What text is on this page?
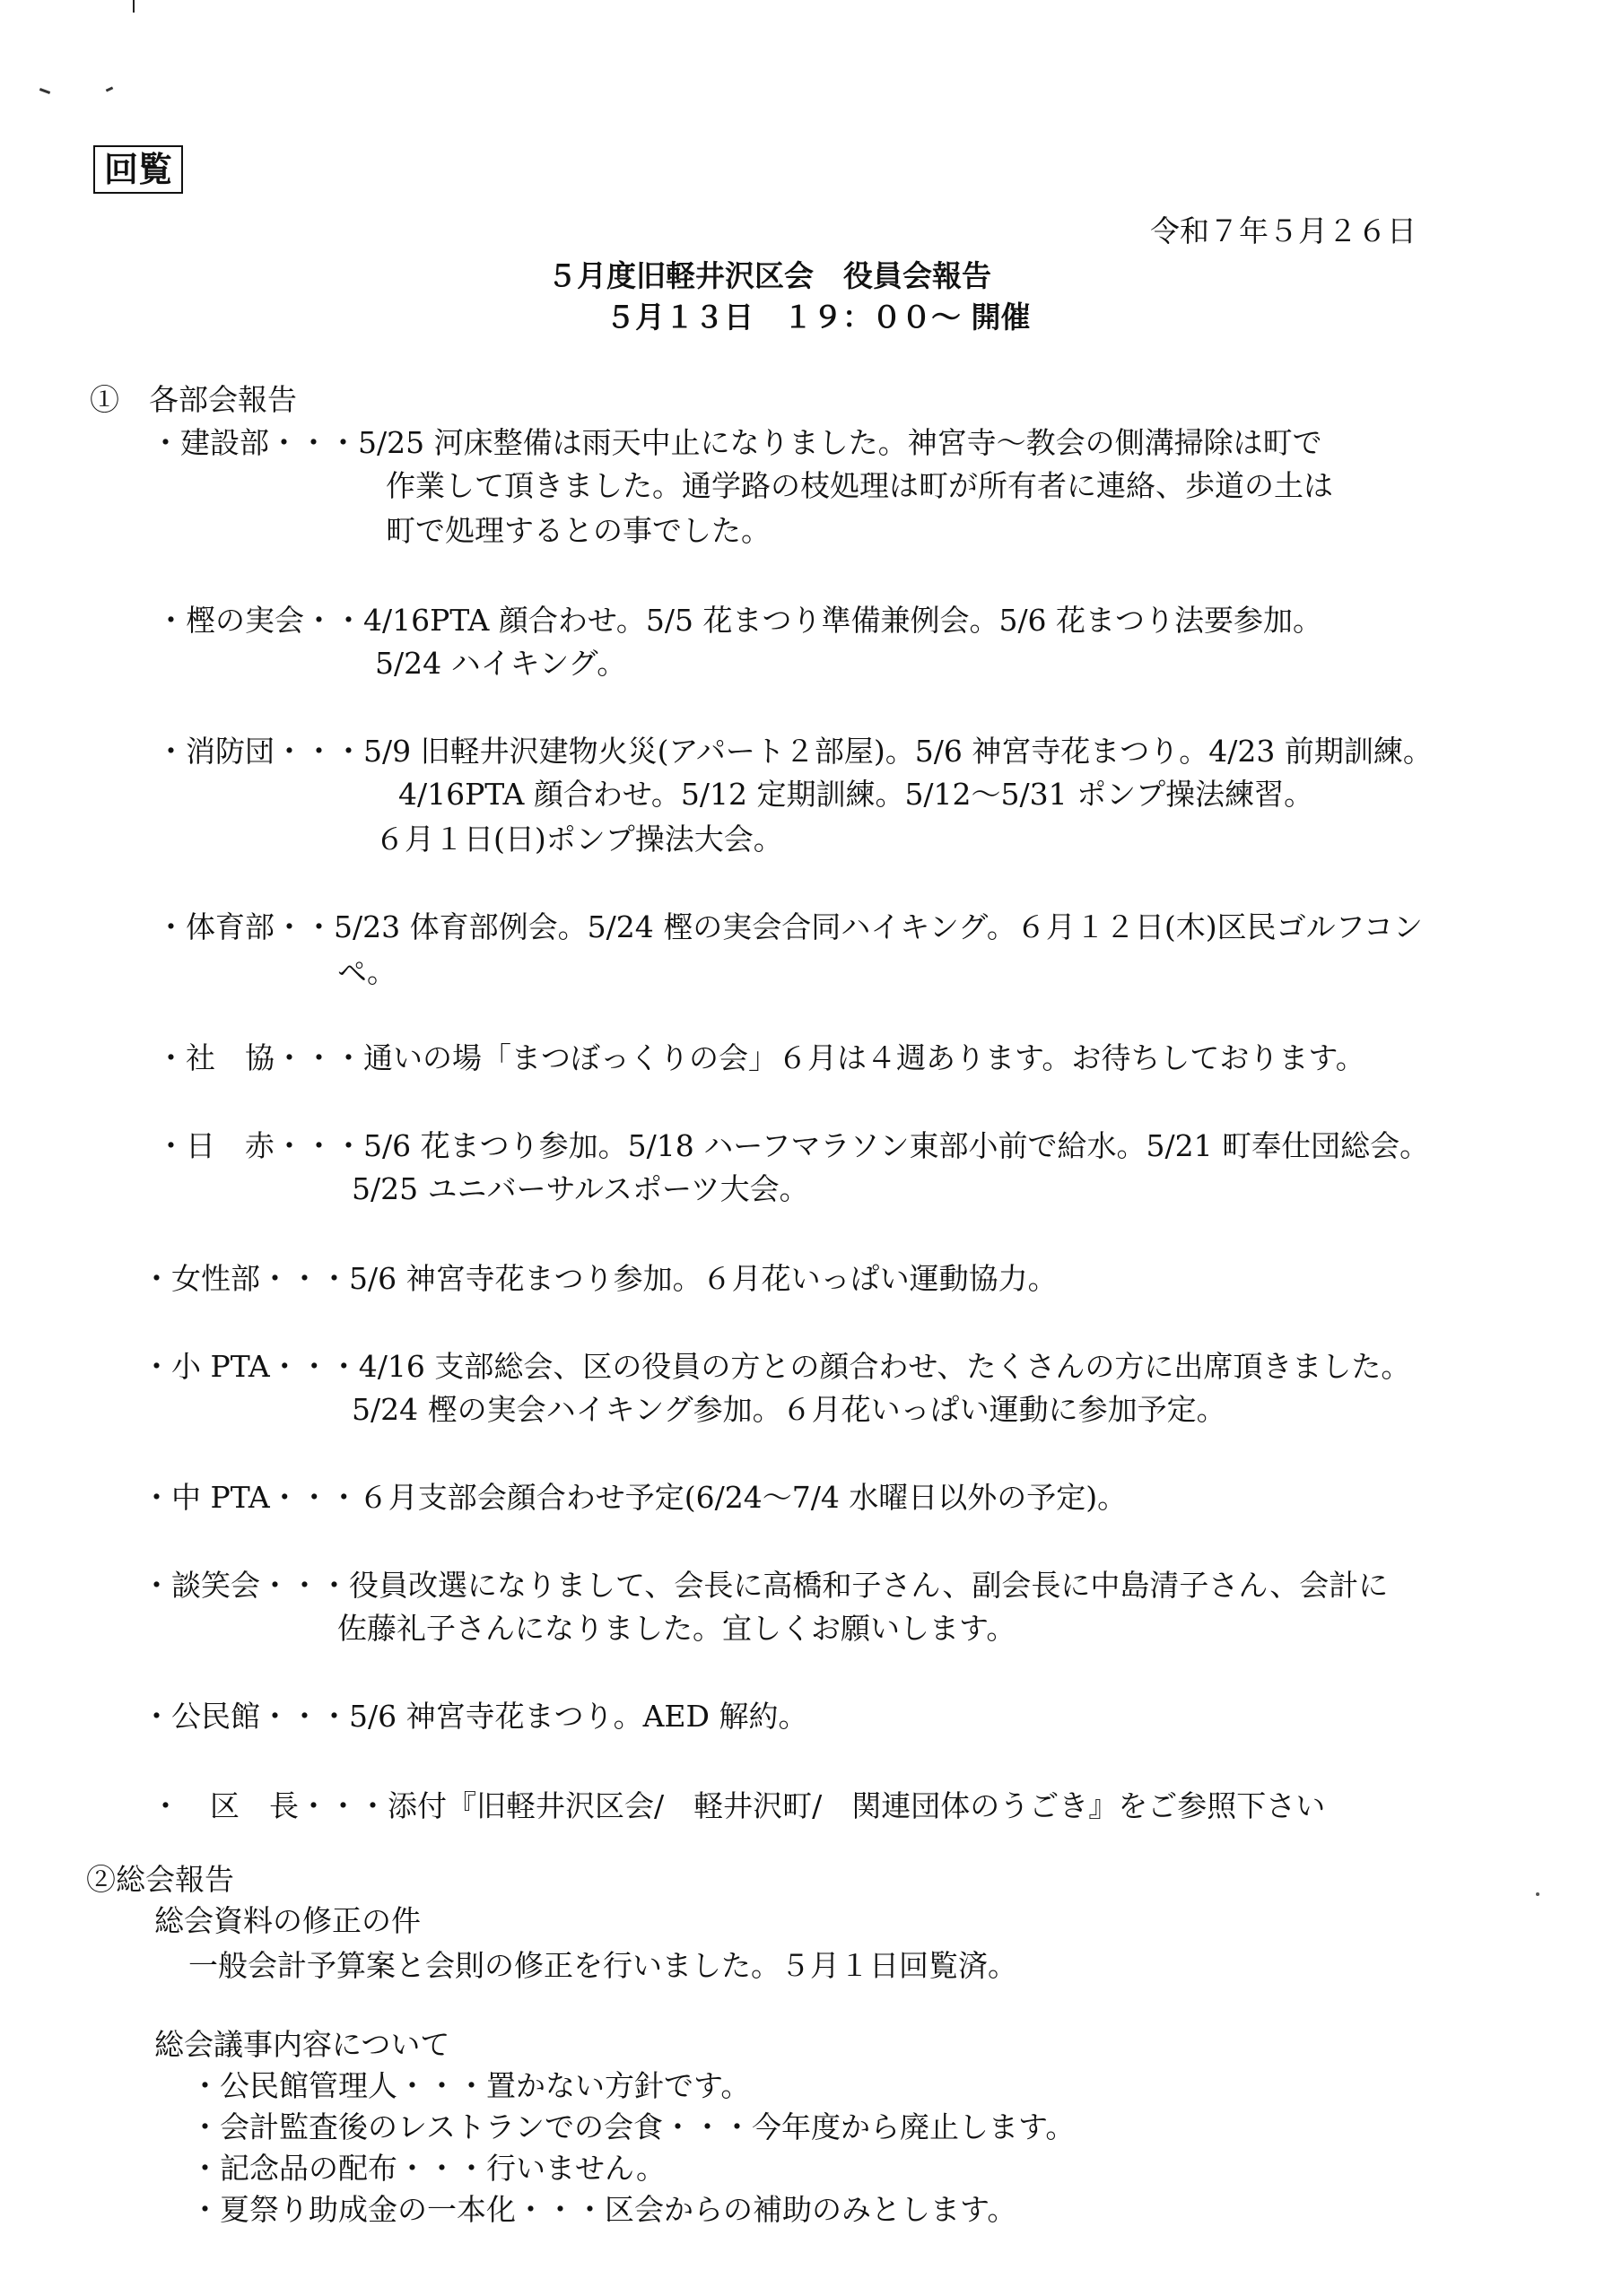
回覧
令和７年５月２６日
５月度旧軽井沢区会　役員会報告
５月１３日　１９：００～ 開催
①　各部会報告
・建設部・・・5/25 河床整備は雨天中止になりました。神宮寺～教会の側溝掃除は町で
作業して頂きました。通学路の枝処理は町が所有者に連絡、歩道の土は
町で処理するとの事でした。
・樫の実会・・4/16PTA 顔合わせ。5/5 花まつり準備兼例会。5/6 花まつり法要参加。
5/24 ハイキング。
・消防団・・・5/9 旧軽井沢建物火災(アパート２部屋)。5/6 神宮寺花まつり。4/23 前期訓練。
4/16PTA 顔合わせ。5/12 定期訓練。5/12～5/31 ポンプ操法練習。
６月１日(日)ポンプ操法大会。
・体育部・・5/23 体育部例会。5/24 樫の実会合同ハイキング。６月１２日(木)区民ゴルフコン
ペ。
・社　協・・・通いの場「まつぼっくりの会」６月は４週あります。お待ちしております。
・日　赤・・・5/6 花まつり参加。5/18 ハーフマラソン東部小前で給水。5/21 町奉仕団総会。
5/25 ユニバーサルスポーツ大会。
・女性部・・・5/6 神宮寺花まつり参加。６月花いっぱい運動協力。
・小 PTA・・・4/16 支部総会、区の役員の方との顔合わせ、たくさんの方に出席頂きました。
5/24 樫の実会ハイキング参加。６月花いっぱい運動に参加予定。
・中 PTA・・・６月支部会顔合わせ予定(6/24～7/4 水曜日以外の予定)。
・談笑会・・・役員改選になりまして、会長に高橋和子さん、副会長に中島清子さん、会計に
佐藤礼子さんになりました。宜しくお願いします。
・公民館・・・5/6 神宮寺花まつり。AED 解約。
・　区　長・・・添付『旧軽井沢区会/　軽井沢町/　関連団体のうごき』をご参照下さい
②総会報告
総会資料の修正の件
一般会計予算案と会則の修正を行いました。５月１日回覧済。
総会議事内容について
・公民館管理人・・・置かない方針です。
・会計監査後のレストランでの会食・・・今年度から廃止します。
・記念品の配布・・・行いません。
・夏祭り助成金の一本化・・・区会からの補助のみとします。
